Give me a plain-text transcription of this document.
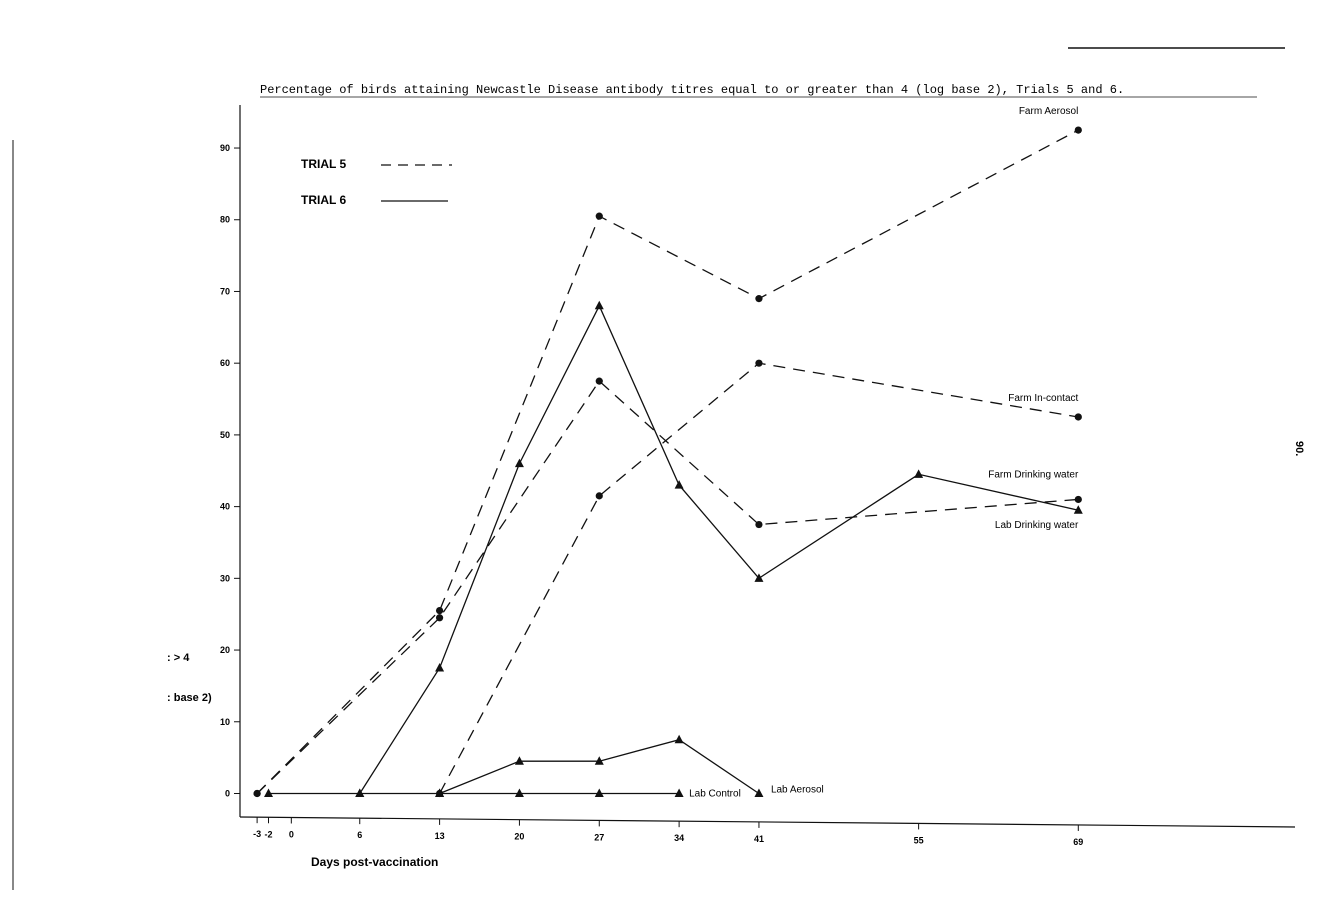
Percentage of birds attaining Newcastle Disease antibody titres equal to or greater than 4 (log base 2), Trials 5 and 6.
0
10
20
30
40
50
60
70
80
90
-3 -2 0	6	13	20	27	34	41	55	69
Farm Aerosol
Farm In-contact
Farm Drinking water
Lab Drinking water
Lab Aerosol
Lab Control
TRIAL 5
TRIAL 6
: > 4
: base 2)
Days post-vaccination
90.
